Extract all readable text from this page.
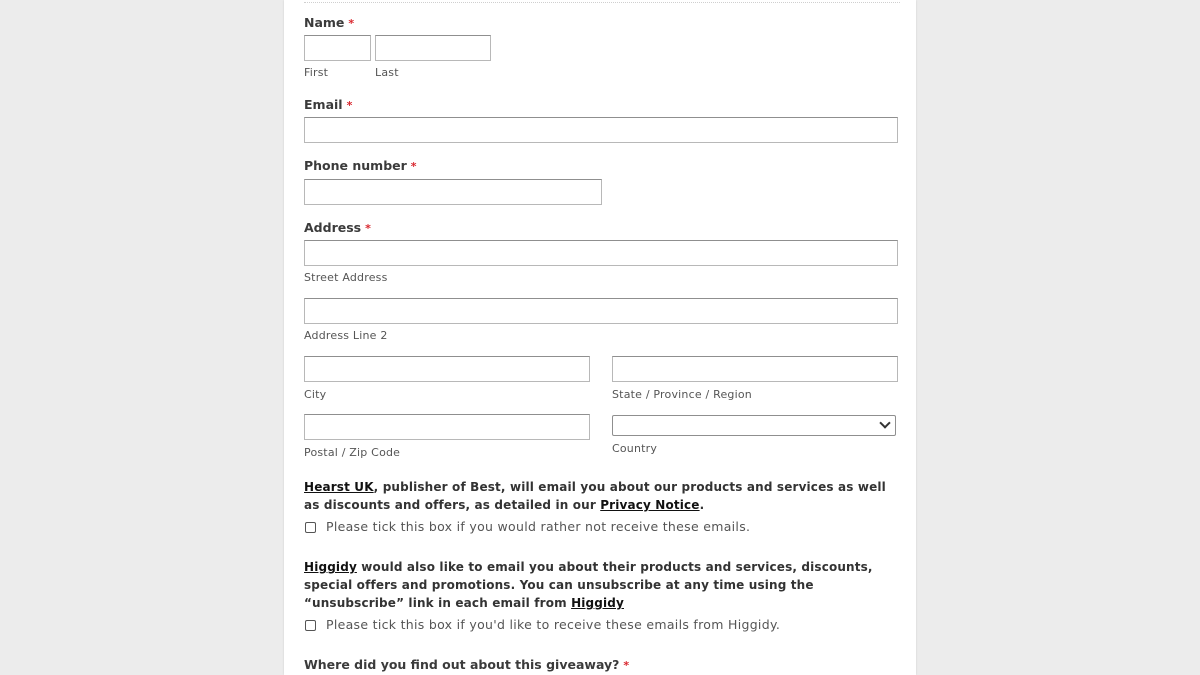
Name *
First	Last
Email *
Phone number *
Address *
Street Address
Address Line 2
City	State / Province / Region
Postal / Zip Code	Country
Hearst UK, publisher of Best, will email you about our products and services as well as discounts and offers, as detailed in our Privacy Notice.
Please tick this box if you would rather not receive these emails.
Higgidy would also like to email you about their products and services, discounts, special offers and promotions. You can unsubscribe at any time using the “unsubscribe” link in each email from Higgidy
Please tick this box if you'd like to receive these emails from Higgidy.
Where did you find out about this giveaway? *
